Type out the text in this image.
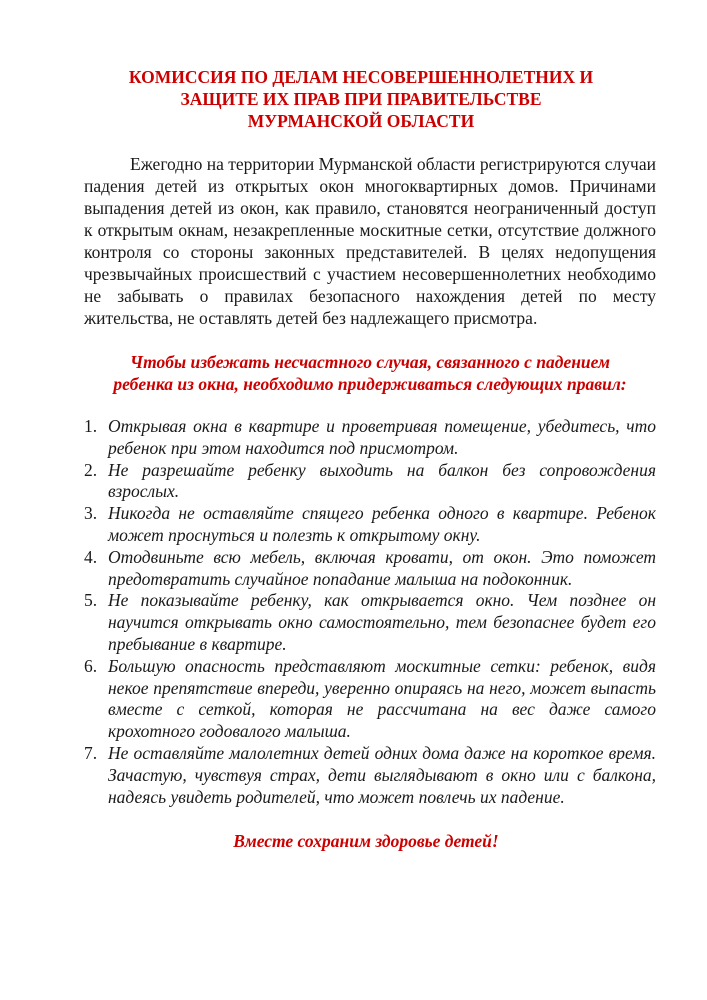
КОМИССИЯ ПО ДЕЛАМ НЕСОВЕРШЕННОЛЕТНИХ И
ЗАЩИТЕ ИХ ПРАВ ПРИ ПРАВИТЕЛЬСТВЕ
МУРМАНСКОЙ ОБЛАСТИ

Ежегодно на территории Мурманской области регистрируются случаи падения детей из открытых окон многоквартирных домов. Причинами выпадения детей из окон, как правило, становятся неограниченный доступ к открытым окнам, незакрепленные москитные сетки, отсутствие должного контроля со стороны законных представителей. В целях недопущения чрезвычайных происшествий с участием несовершеннолетних необходимо не забывать о правилах безопасного нахождения детей по месту жительства, не оставлять детей без надлежащего присмотра.

Чтобы избежать несчастного случая, связанного с падением
ребенка из окна, необходимо придерживаться следующих правил:
1. Открывая окна в квартире и проветривая помещение, убедитесь, что ребенок при этом находится под присмотром.
2. Не разрешайте ребенку выходить на балкон без сопровождения взрослых.
3. Никогда не оставляйте спящего ребенка одного в квартире. Ребенок может проснуться и полезть к открытому окну.
4. Отодвиньте всю мебель, включая кровати, от окон. Это поможет предотвратить случайное попадание малыша на подоконник.
5. Не показывайте ребенку, как открывается окно. Чем позднее он научится открывать окно самостоятельно, тем безопаснее будет его пребывание в квартире.
6. Большую опасность представляют москитные сетки: ребенок, видя некое препятствие впереди, уверенно опираясь на него, может выпасть вместе с сеткой, которая не рассчитана на вес даже самого крохотного годовалого малыша.
7. Не оставляйте малолетних детей одних дома даже на короткое время. Зачастую, чувствуя страх, дети выглядывают в окно или с балкона, надеясь увидеть родителей, что может повлечь их падение.

Вместе сохраним здоровье детей!
